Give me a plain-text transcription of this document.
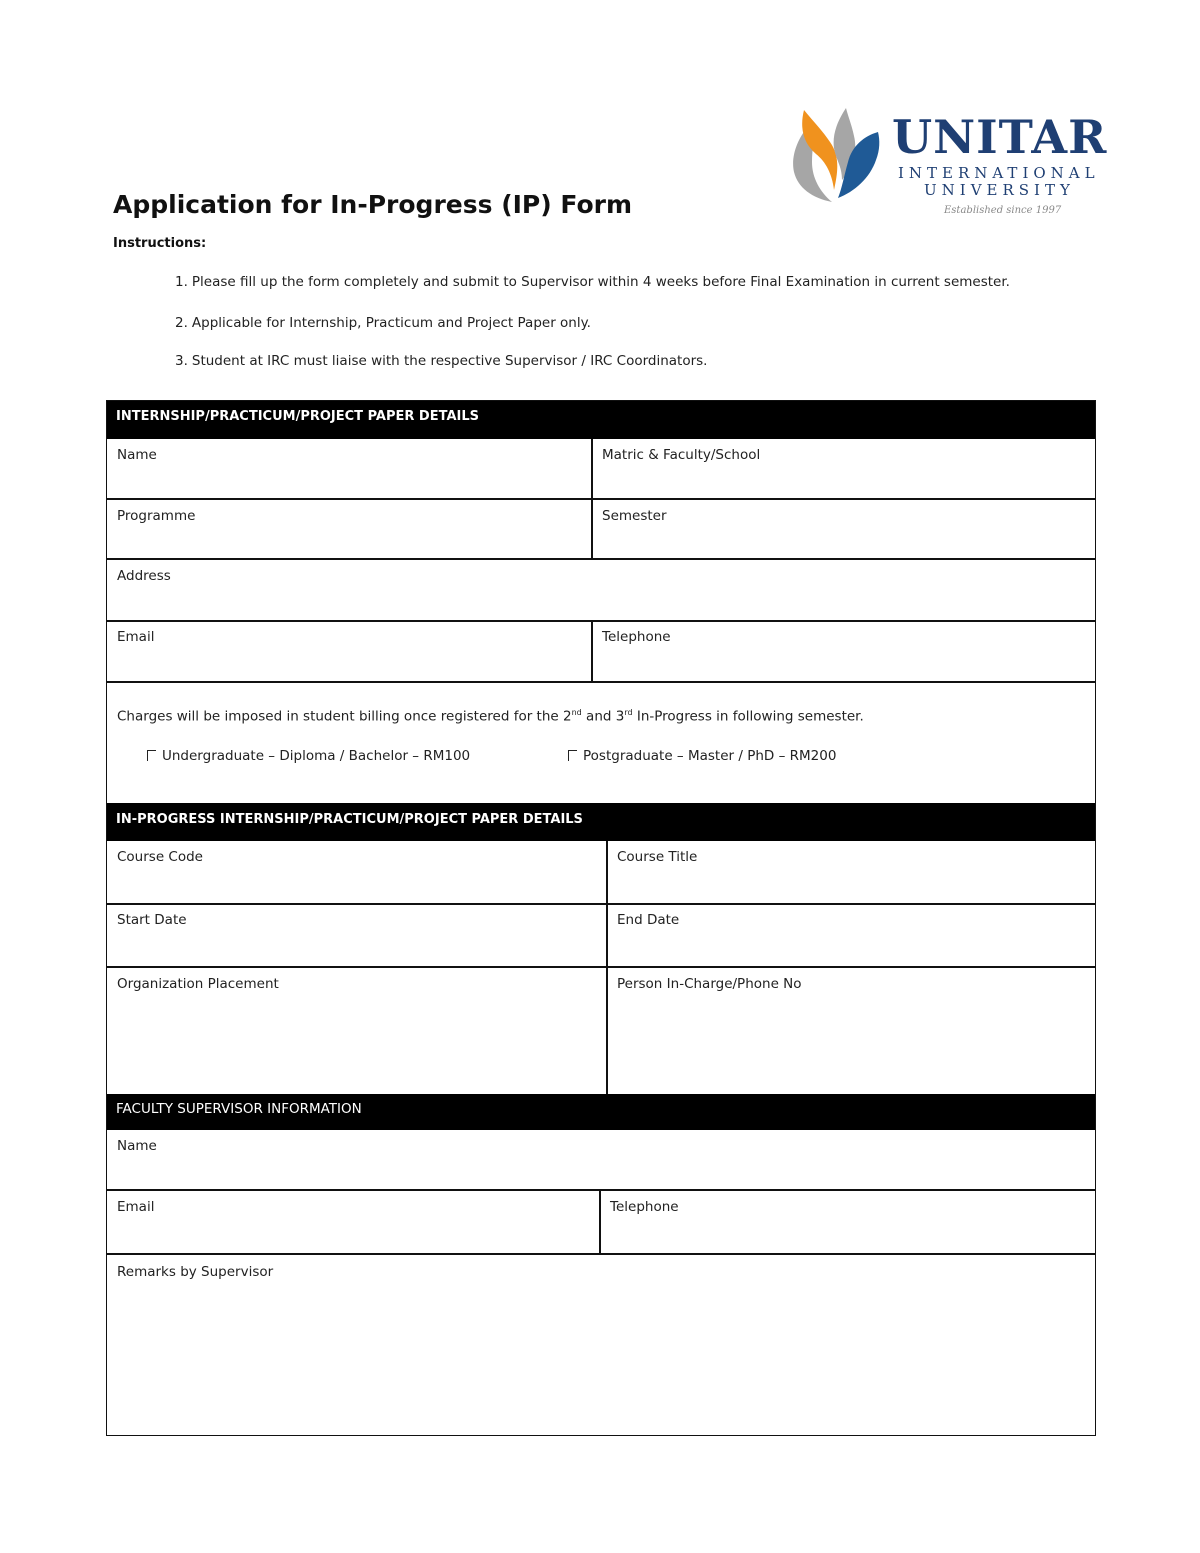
UNITAR
INTERNATIONAL
UNIVERSITY
Established since 1997
Application for In-Progress (IP) Form
Instructions:
1. Please fill up the form completely and submit to Supervisor within 4 weeks before Final Examination in current semester.
2. Applicable for Internship, Practicum and Project Paper only.
3. Student at IRC must liaise with the respective Supervisor / IRC Coordinators.
INTERNSHIP/PRACTICUM/PROJECT PAPER DETAILS
Name	Matric & Faculty/School
Programme	Semester
Address
Email	Telephone
Charges will be imposed in student billing once registered for the 2nd and 3rd In-Progress in following semester.
Undergraduate – Diploma / Bachelor – RM100	Postgraduate – Master / PhD – RM200
IN-PROGRESS INTERNSHIP/PRACTICUM/PROJECT PAPER DETAILS
Course Code	Course Title
Start Date	End Date
Organization Placement	Person In-Charge/Phone No
FACULTY SUPERVISOR INFORMATION
Name
Email	Telephone
Remarks by Supervisor
